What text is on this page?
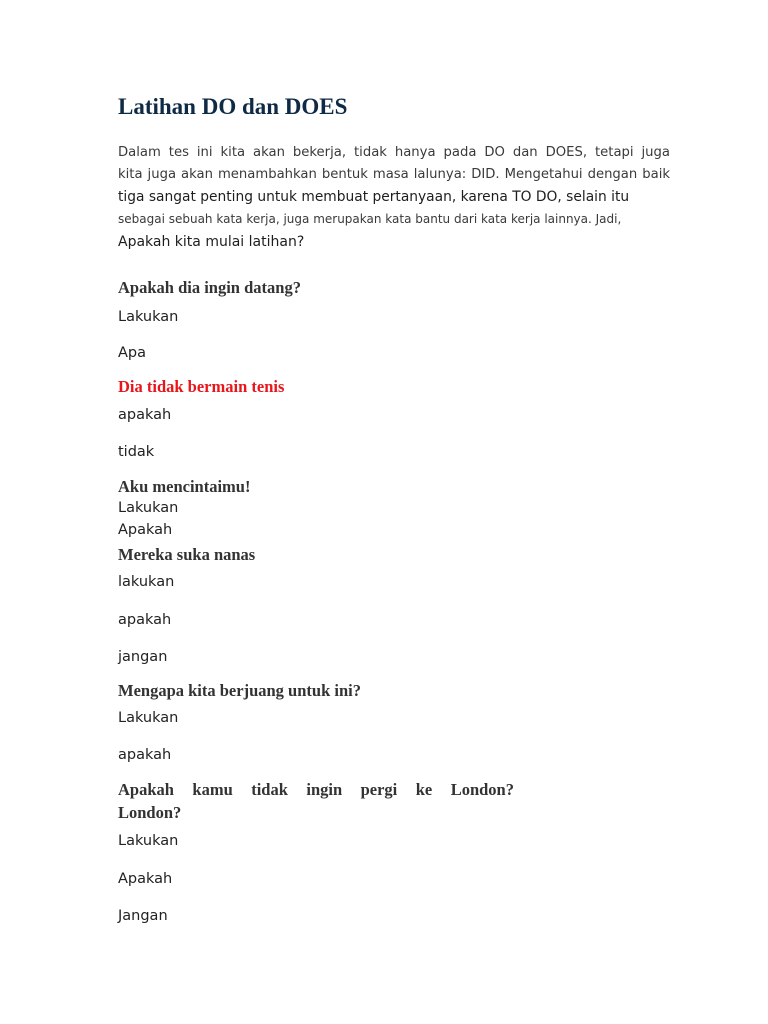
Latihan DO dan DOES
Dalam tes ini kita akan bekerja, tidak hanya pada DO dan DOES, tetapi juga
kita juga akan menambahkan bentuk masa lalunya: DID. Mengetahui dengan baik
tiga sangat penting untuk membuat pertanyaan, karena TO DO, selain itu
sebagai sebuah kata kerja, juga merupakan kata bantu dari kata kerja lainnya. Jadi,
Apakah kita mulai latihan?
Apakah dia ingin datang?
Lakukan
Apa
Dia tidak bermain tenis
apakah
tidak
Aku mencintaimu!
Lakukan
Apakah
Mereka suka nanas
lakukan
apakah
jangan
Mengapa kita berjuang untuk ini?
Lakukan
apakah
Apakah kamu tidak ingin pergi ke London?
London?
Lakukan
Apakah
Jangan
